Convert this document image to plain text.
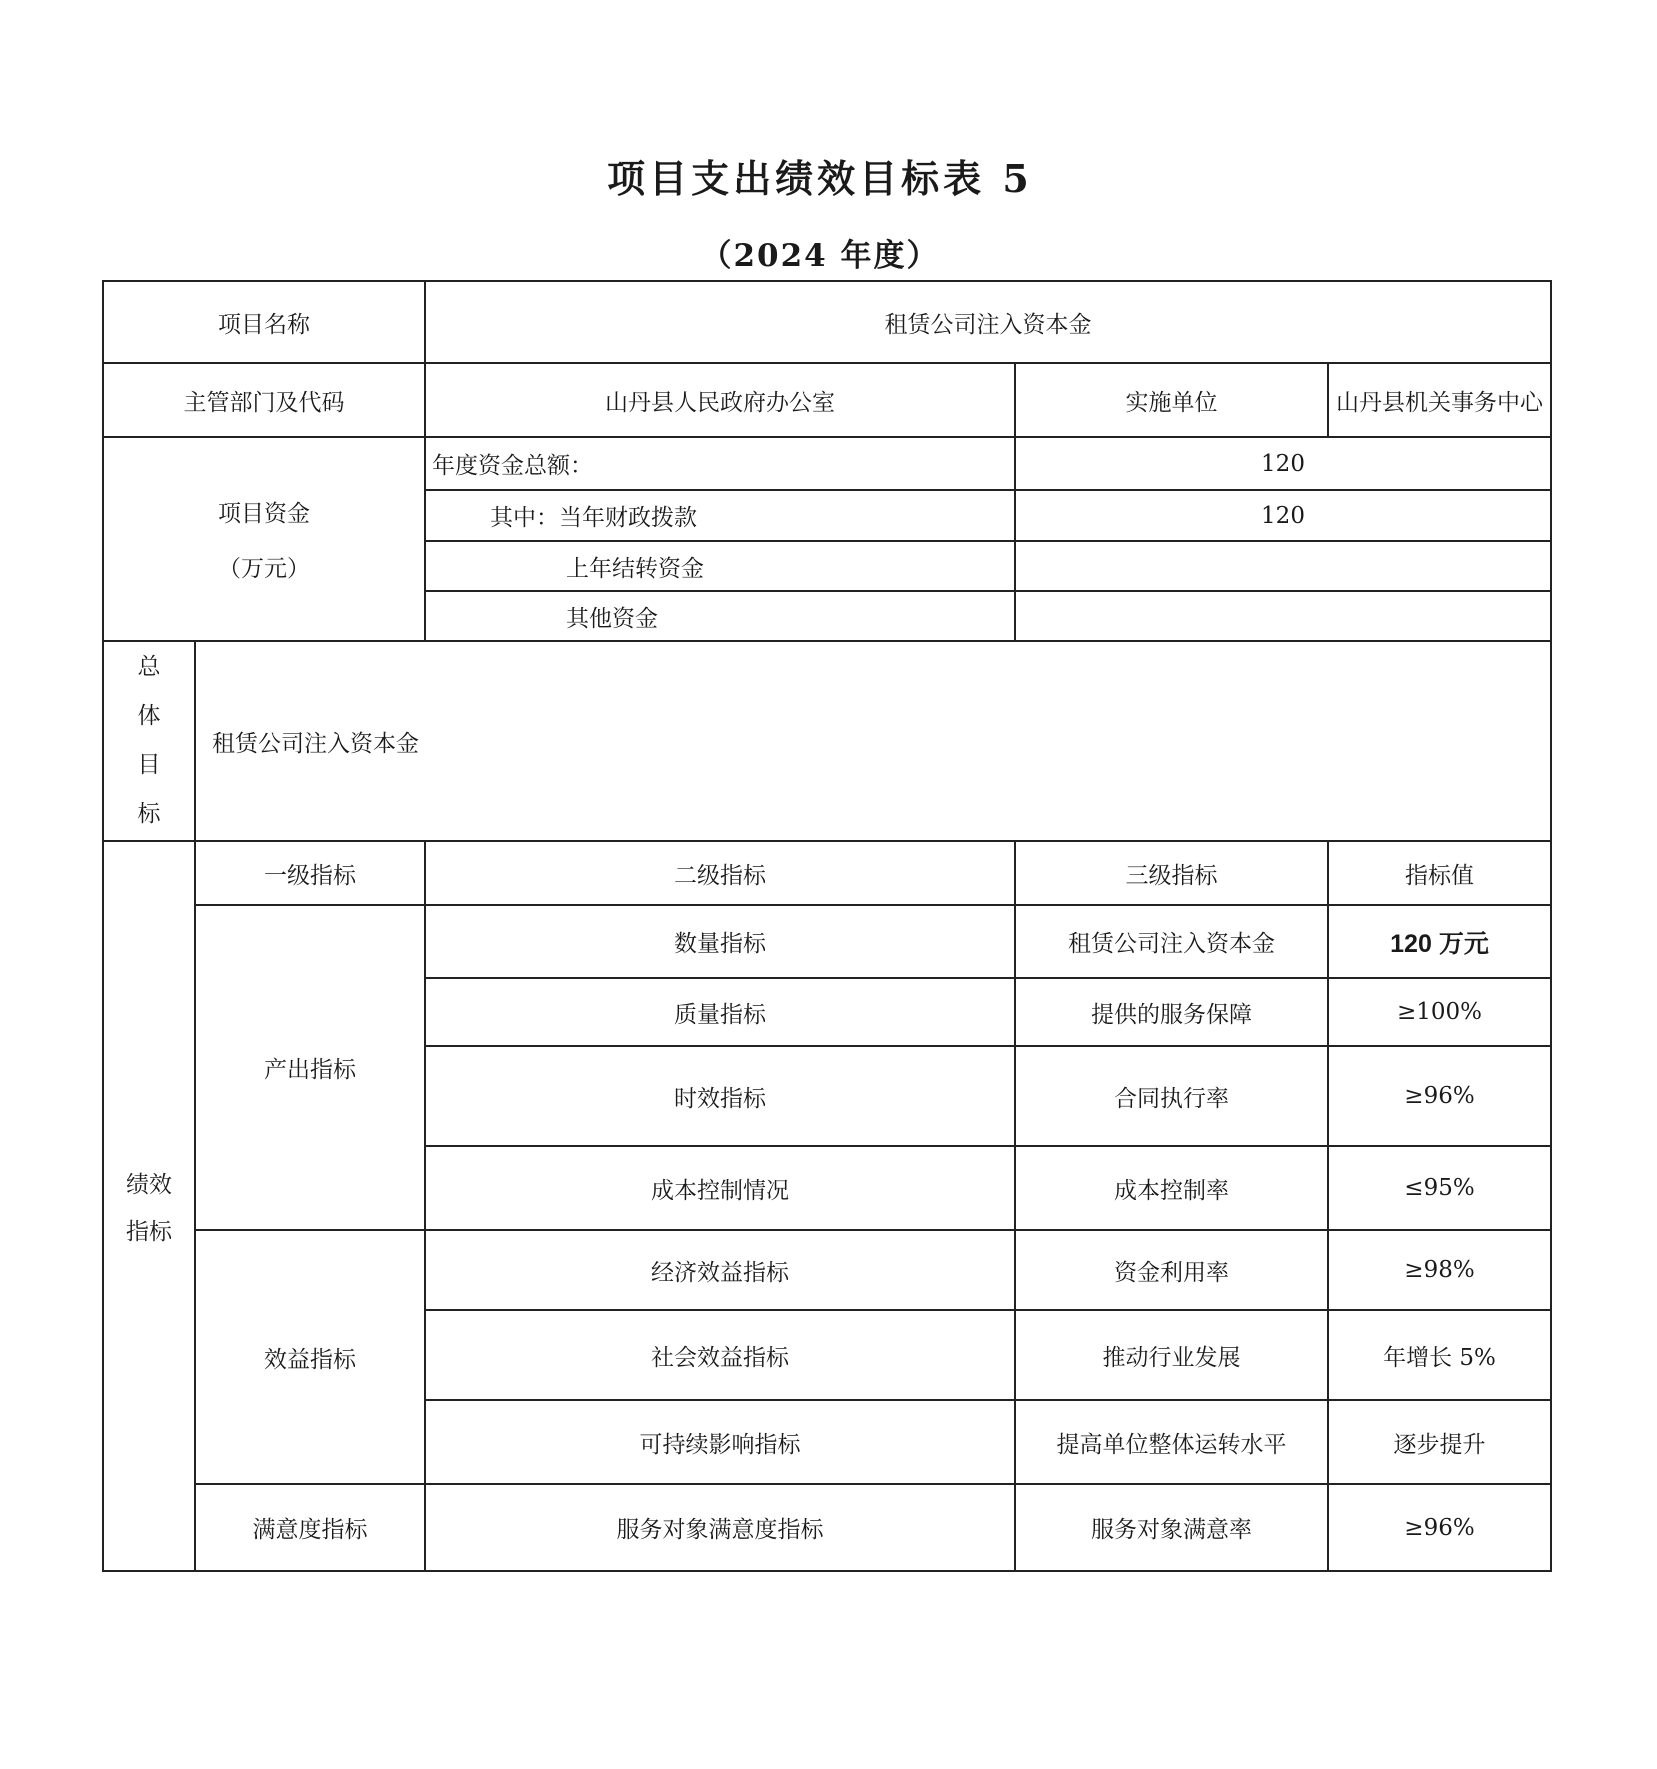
项目支出绩效目标表 5
（2024 年度）
项目名称		租赁公司注入资本金		
主管部门及代码		山丹县人民政府办公室	实施单位	山丹县机关事务中心

项目资金
（万元）		年度资金总额：	120	
		其中：当年财政拨款	120	
		上年结转资金		
		其他资金		

总
体
目
标	租赁公司注入资本金			

绩效
指标	一级指标	二级指标	三级指标	指标值
	产出指标	数量指标	租赁公司注入资本金	120 万元
		质量指标	提供的服务保障	≥100%
		时效指标	合同执行率	≥96%
		成本控制情况	成本控制率	≤95%
	效益指标	经济效益指标	资金利用率	≥98%
		社会效益指标	推动行业发展	年增长 5%
		可持续影响指标	提高单位整体运转水平	逐步提升
	满意度指标	服务对象满意度指标	服务对象满意率	≥96%
